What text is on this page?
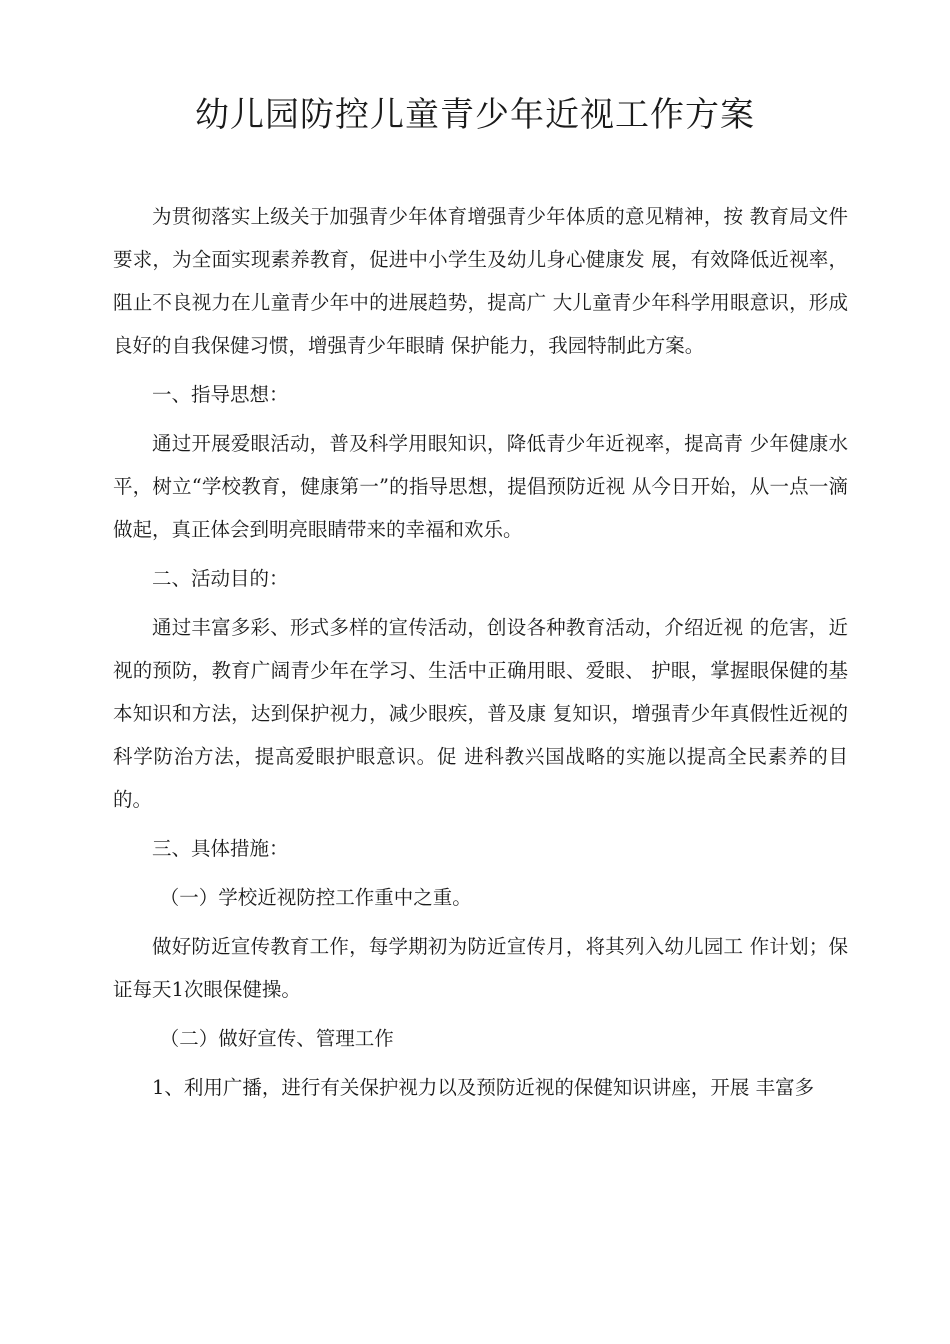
幼儿园防控儿童青少年近视工作方案

为贯彻落实上级关于加强青少年体育增强青少年体质的意见精神，按 教育局文件要求，为全面实现素养教育，促进中小学生及幼儿身心健康发 展，有效降低近视率，阻止不良视力在儿童青少年中的进展趋势，提高广 大儿童青少年科学用眼意识，形成良好的自我保健习惯，增强青少年眼睛 保护能力，我园特制此方案。

一、指导思想：

通过开展爱眼活动，普及科学用眼知识，降低青少年近视率，提高青 少年健康水平，树立“学校教育，健康第一”的指导思想，提倡预防近视 从今日开始，从一点一滴做起，真正体会到明亮眼睛带来的幸福和欢乐。

二、活动目的：

通过丰富多彩、形式多样的宣传活动，创设各种教育活动，介绍近视 的危害，近视的预防，教育广阔青少年在学习、生活中正确用眼、爱眼、 护眼，掌握眼保健的基本知识和方法，达到保护视力，减少眼疾，普及康 复知识，增强青少年真假性近视的科学防治方法，提高爱眼护眼意识。促 进科教兴国战略的实施以提高全民素养的目的。

三、具体措施：

（一）学校近视防控工作重中之重。

做好防近宣传教育工作，每学期初为防近宣传月，将其列入幼儿园工 作计划；保证每天1次眼保健操。

（二）做好宣传、管理工作

1、利用广播，进行有关保护视力以及预防近视的保健知识讲座，开展 丰富多
